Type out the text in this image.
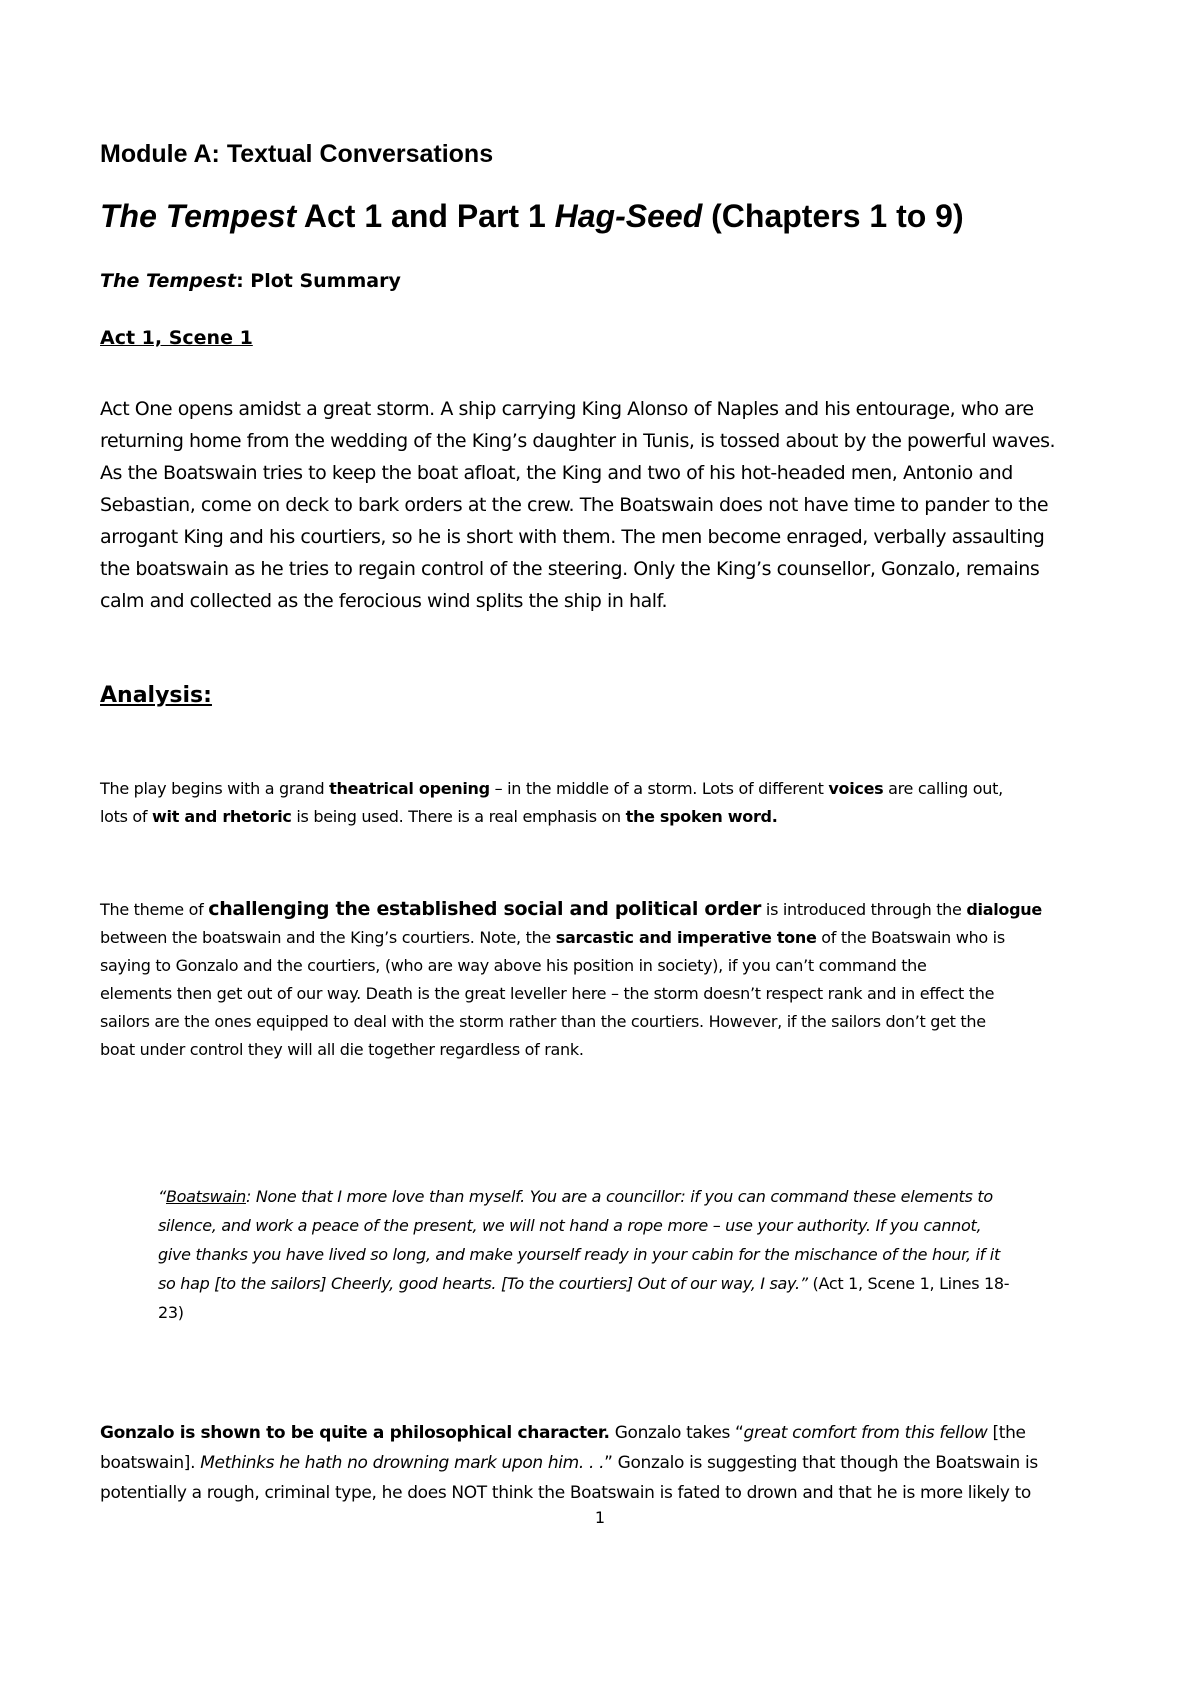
Module A: Textual Conversations
The Tempest Act 1 and Part 1 Hag-Seed (Chapters 1 to 9)
The Tempest: Plot Summary
Act 1, Scene 1
Act One opens amidst a great storm. A ship carrying King Alonso of Naples and his entourage, who are
returning home from the wedding of the King’s daughter in Tunis, is tossed about by the powerful waves.
As the Boatswain tries to keep the boat afloat, the King and two of his hot-headed men, Antonio and
Sebastian, come on deck to bark orders at the crew. The Boatswain does not have time to pander to the
arrogant King and his courtiers, so he is short with them. The men become enraged, verbally assaulting
the boatswain as he tries to regain control of the steering. Only the King’s counsellor, Gonzalo, remains
calm and collected as the ferocious wind splits the ship in half.
Analysis:
The play begins with a grand theatrical opening – in the middle of a storm. Lots of different voices are calling out,
lots of wit and rhetoric is being used. There is a real emphasis on the spoken word.
The theme of challenging the established social and political order is introduced through the dialogue
between the boatswain and the King’s courtiers. Note, the sarcastic and imperative tone of the Boatswain who is
saying to Gonzalo and the courtiers, (who are way above his position in society), if you can’t command the
elements then get out of our way. Death is the great leveller here – the storm doesn’t respect rank and in effect the
sailors are the ones equipped to deal with the storm rather than the courtiers. However, if the sailors don’t get the
boat under control they will all die together regardless of rank.
“Boatswain: None that I more love than myself. You are a councillor: if you can command these elements to
silence, and work a peace of the present, we will not hand a rope more – use your authority. If you cannot,
give thanks you have lived so long, and make yourself ready in your cabin for the mischance of the hour, if it
so hap [to the sailors] Cheerly, good hearts. [To the courtiers] Out of our way, I say.” (Act 1, Scene 1, Lines 18-
23)
Gonzalo is shown to be quite a philosophical character. Gonzalo takes “great comfort from this fellow [the
boatswain]. Methinks he hath no drowning mark upon him. . .” Gonzalo is suggesting that though the Boatswain is
potentially a rough, criminal type, he does NOT think the Boatswain is fated to drown and that he is more likely to
1
